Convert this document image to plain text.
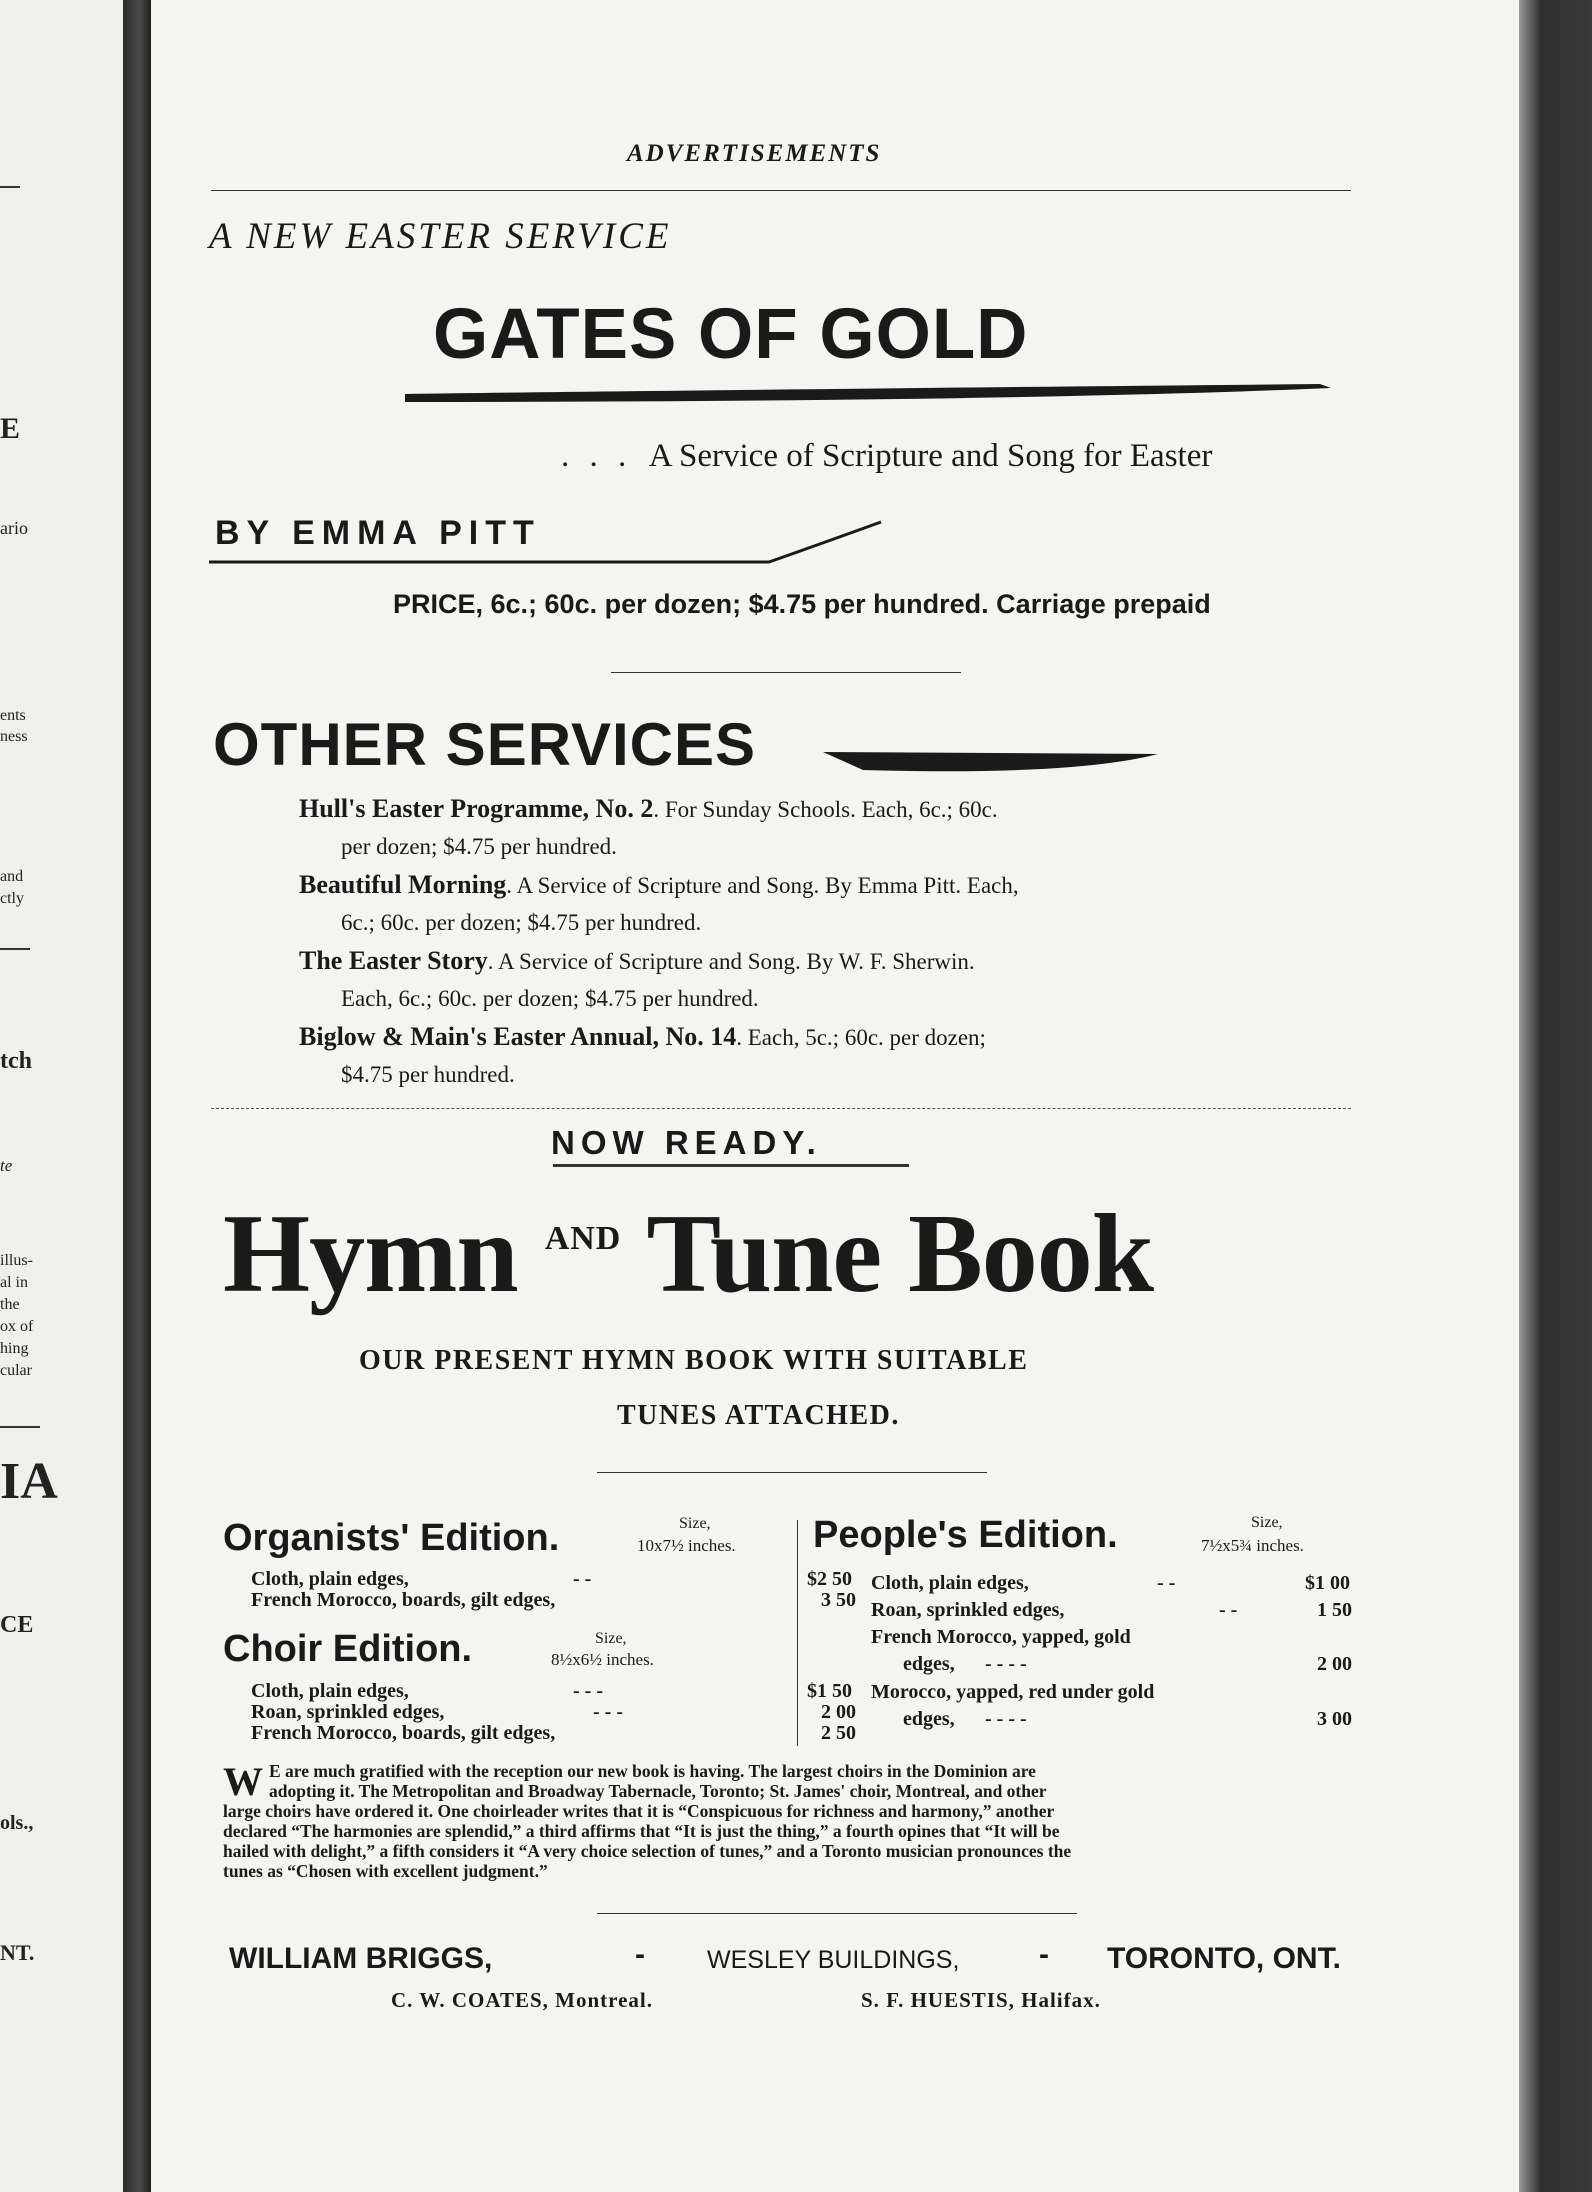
E
ario
ents
ness
and
ctly
tch
te
illus-
al in
the
ox of
hing
cular
IA
CE
ols.,
NT.
ADVERTISEMENTS
A NEW EASTER SERVICE
GATES OF GOLD
. . . A Service of Scripture and Song for Easter
BY EMMA PITT
PRICE, 6c.; 60c. per dozen; $4.75 per hundred. Carriage prepaid
OTHER SERVICES
Hull's Easter Programme, No. 2. For Sunday Schools. Each, 6c.; 60c.
per dozen; $4.75 per hundred.
Beautiful Morning. A Service of Scripture and Song. By Emma Pitt. Each,
6c.; 60c. per dozen; $4.75 per hundred.
The Easter Story. A Service of Scripture and Song. By W. F. Sherwin.
Each, 6c.; 60c. per dozen; $4.75 per hundred.
Biglow & Main's Easter Annual, No. 14. Each, 5c.; 60c. per dozen;
$4.75 per hundred.
NOW READY.
Hymn $^{AND}$ Tune Book
OUR PRESENT HYMN BOOK WITH SUITABLE
TUNES ATTACHED.
Organists' Edition.	Size,
10x7½ inches.
Cloth, plain edges,	- -	$2 50
French Morocco, boards, gilt edges,	3 50
Choir Edition.	Size,
8½x6½ inches.
Cloth, plain edges,	- - -	$1 50
Roan, sprinkled edges,	- - -	2 00
French Morocco, boards, gilt edges,	2 50
People's Edition.	Size,
7½x5¾ inches.
Cloth, plain edges,	- -	$1 00
Roan, sprinkled edges,	- -	1 50
French Morocco, yapped, gold
edges, - - - -	2 00
Morocco, yapped, red under gold
edges, - - - -	3 00
W E are much gratified with the reception our new book is having. The largest choirs in the Dominion are
adopting it. The Metropolitan and Broadway Tabernacle, Toronto; St. James' choir, Montreal, and other
large choirs have ordered it. One choirleader writes that it is “Conspicuous for richness and harmony,” another
declared “The harmonies are splendid,” a third affirms that “It is just the thing,” a fourth opines that “It will be
hailed with delight,” a fifth considers it “A very choice selection of tunes,” and a Toronto musician pronounces the
tunes as “Chosen with excellent judgment.”
WILLIAM BRIGGS,	- WESLEY BUILDINGS,	- TORONTO, ONT.
C. W. COATES, Montreal.	S. F. HUESTIS, Halifax.
